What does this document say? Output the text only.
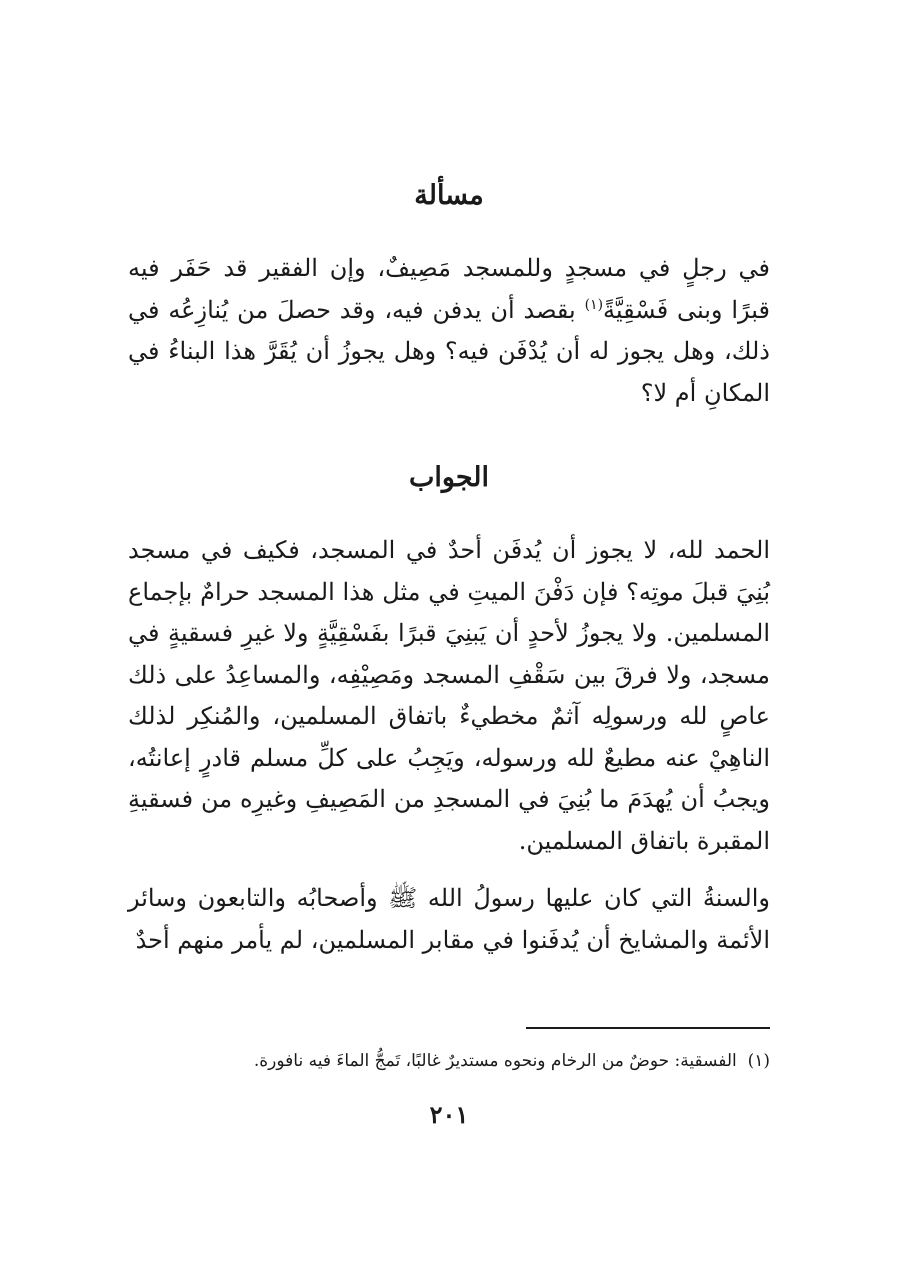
مسألة

في رجلٍ في مسجدٍ وللمسجد مَصِيفٌ، وإن الفقير قد حَفَر فيه قبرًا وبنى فَسْقِيَّةً$^{(١)}$ بقصد أن يدفن فيه، وقد حصلَ من يُنازِعُه في ذلك، وهل يجوز له أن يُدْفَن فيه؟ وهل يجوزُ أن يُقَرَّ هذا البناءُ في المكانِ أم لا؟

الجواب

الحمد لله، لا يجوز أن يُدفَن أحدٌ في المسجد، فكيف في مسجد بُنِيَ قبلَ موتِه؟ فإن دَفْنَ الميتِ في مثل هذا المسجد حرامٌ بإجماع المسلمين. ولا يجوزُ لأحدٍ أن يَبنِيَ قبرًا بفَسْقِيَّةٍ ولا غيرِ فسقيةٍ في مسجد، ولا فرقَ بين سَقْفِ المسجد ومَصِيْفِه، والمساعِدُ على ذلك عاصٍ لله ورسولِه آثمٌ مخطيءٌ باتفاق المسلمين، والمُنكِر لذلك الناهِيْ عنه مطيعٌ لله ورسوله، ويَجِبُ على كلِّ مسلم قادرٍ إعانتُه، ويجبُ أن يُهدَمَ ما بُنِيَ في المسجدِ من المَصِيفِ وغيرِه من فسقيةِ المقبرة باتفاق المسلمين.

والسنةُ التي كان عليها رسولُ الله ﷺ وأصحابُه والتابعون وسائر الأئمة والمشايخ أن يُدفَنوا في مقابر المسلمين، لم يأمر منهم أحدٌ

(١)  الفسقية: حوضٌ من الرخام ونحوه مستديرٌ غالبًا، تَمجُّ الماءَ فيه نافورة.

٢٠١
